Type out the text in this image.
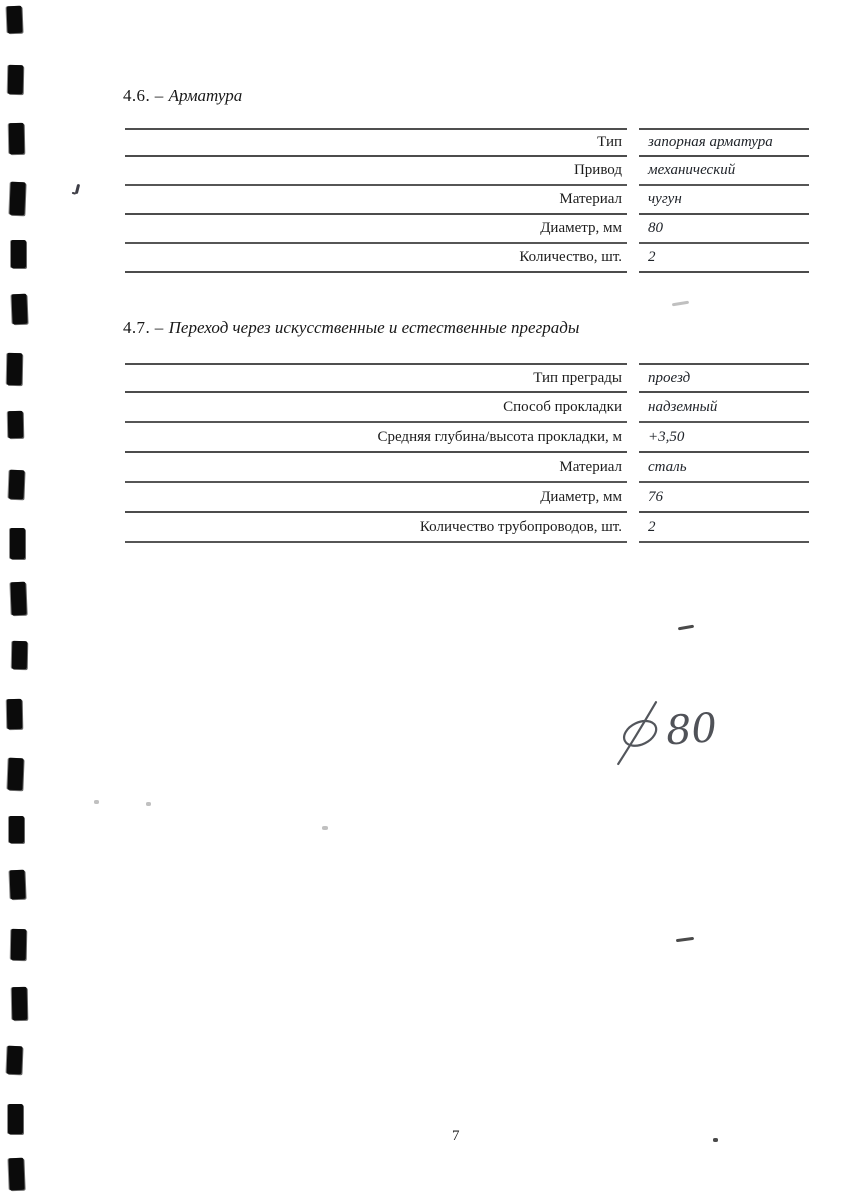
4.6. – Арматура
Тип	запорная арматура
Привод	механический
Материал	чугун
Диаметр, мм	80
Количество, шт.	2
4.7. – Переход через искусственные и естественные преграды
Тип преграды	проезд
Способ прокладки	надземный
Средняя глубина/высота прокладки, м	+3,50
Материал	сталь
Диаметр, мм	76
Количество трубопроводов, шт.	2
80
7
